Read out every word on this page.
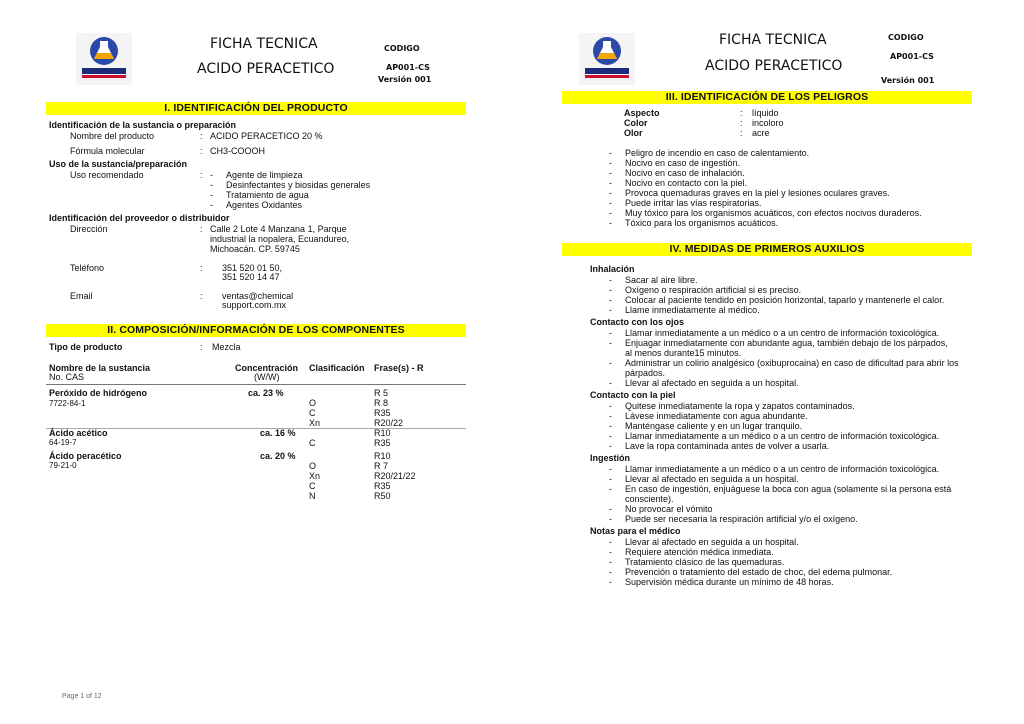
FICHA TECNICA
ACIDO PERACETICO
CODIGO
AP001-CS
Versión 001
I. IDENTIFICACIÓN DEL PRODUCTO
Identificación de la sustancia o preparación
Nombre del producto	: ACIDO PERACETICO 20 %
Fórmula molecular	: CH3-COOOH
Uso de la sustancia/preparación
Uso recomendado	: - Agente de limpieza
- Desinfectantes y biosidas generales
- Tratamiento de agua
- Agentes Oxidantes
Identificación del proveedor o distribuidor
Dirección	: Calle 2 Lote 4 Manzana 1, Parque
industrial la nopalera, Ecuandureo,
Michoacán. CP. 59745
Teléfono	: 351 520 01 50,
351 520 14 47
Email	: ventas@chemical
support.com.mx
II. COMPOSICIÓN/INFORMACIÓN DE LOS COMPONENTES
Tipo de producto	: Mezcla
Nombre de la sustancia
No. CAS
Concentración
(W/W)
Clasificación Frase(s) - R
Peróxido de hidrógeno
7722-84-1
ca. 23 %	R 5
O	R 8
C	R35
Xn	R20/22
Ácido acético
64-19-7
ca. 16 %	R10
C	R35
Ácido peracético
79-21-0
ca. 20 %	R10
O	R 7
Xn	R20/21/22
C	R35
N	R50
Page 1 of 12
FICHA TECNICA
ACIDO PERACETICO
CODIGO
AP001-CS
Versión 001
III. IDENTIFICACIÓN DE LOS PELIGROS
Aspecto	: líquido
Color	: incoloro
Olor	: acre
- Peligro de incendio en caso de calentamiento.
- Nocivo en caso de ingestión.
- Nocivo en caso de inhalación.
- Nocivo en contacto con la piel.
- Provoca quemaduras graves en la piel y lesiones oculares graves.
- Puede irritar las vías respiratorias.
- Muy tóxico para los organismos acuáticos, con efectos nocivos duraderos.
- Tóxico para los organismos acuáticos.
IV. MEDIDAS DE PRIMEROS AUXILIOS
Inhalación
- Sacar al aire libre.
- Oxígeno o respiración artificial si es preciso.
- Colocar al paciente tendido en posición horizontal, taparlo y mantenerle el calor.
- Llame inmediatamente al médico.
Contacto con los ojos
- Llamar inmediatamente a un médico o a un centro de información toxicológica.
- Enjuagar inmediatamente con abundante agua, también debajo de los párpados,
al menos durante15 minutos.
- Administrar un colirio analgésico (oxibuprocaina) en caso de dificultad para abrir los
párpados.
- Llevar al afectado en seguida a un hospital.
Contacto con la piel
- Quitese inmediatamente la ropa y zapatos contaminados.
- Lávese inmediatamente con agua abundante.
- Manténgase caliente y en un lugar tranquilo.
- Llamar inmediatamente a un médico o a un centro de información toxicológica.
- Lave la ropa contaminada antes de volver a usarla.
Ingestión
- Llamar inmediatamente a un médico o a un centro de información toxicológica.
- Llevar al afectado en seguida a un hospital.
- En caso de ingestión, enjuáguese la boca con agua (solamente si la persona está
consciente).
- No provocar el vómito
- Puede ser necesaria la respiración artificial y/o el oxígeno.
Notas para el médico
- Llevar al afectado en seguida a un hospital.
- Requiere atención médica inmediata.
- Tratamiento clásico de las quemaduras.
- Prevención o tratamiento del estado de choc, del edema pulmonar.
- Supervisión médica durante un mínimo de 48 horas.
